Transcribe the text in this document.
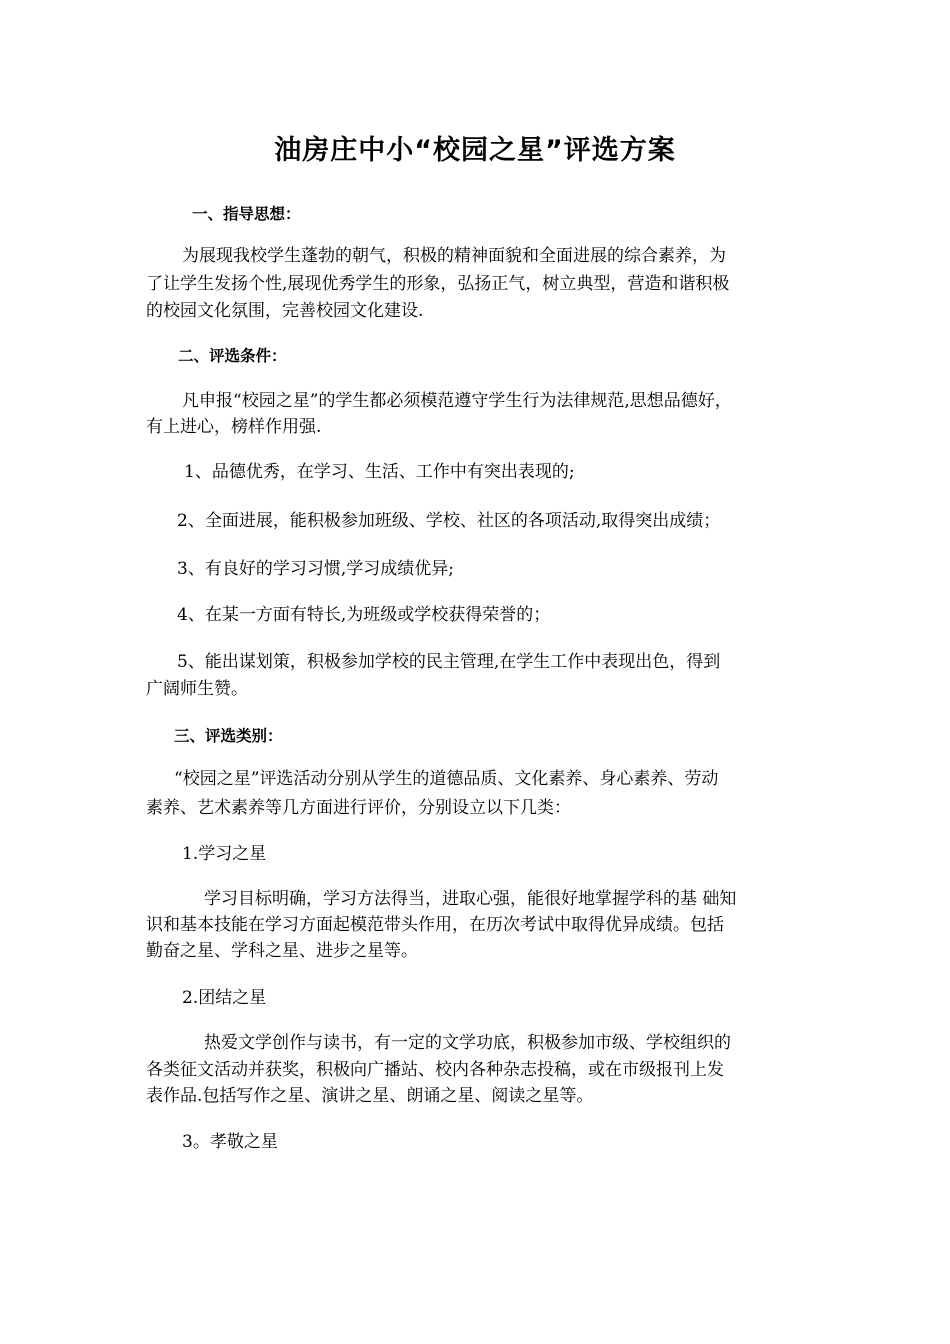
油房庄中小“校园之星”评选方案
一、指导思想：
为展现我校学生蓬勃的朝气，积极的精神面貌和全面进展的综合素养，为
了让学生发扬个性,展现优秀学生的形象，弘扬正气，树立典型，营造和谐积极
的校园文化氛围，完善校园文化建设.
二、评选条件：
凡申报“校园之星”的学生都必须模范遵守学生行为法律规范,思想品德好，
有上进心，榜样作用强.
1、品德优秀，在学习、生活、工作中有突出表现的;
2、全面进展，能积极参加班级、学校、社区的各项活动,取得突出成绩；
3、有良好的学习习惯,学习成绩优异;
4、在某一方面有特长,为班级或学校获得荣誉的；
5、能出谋划策，积极参加学校的民主管理,在学生工作中表现出色，得到
广阔师生赞。
三、评选类别：
“校园之星”评选活动分别从学生的道德品质、文化素养、身心素养、劳动
素养、艺术素养等几方面进行评价，分别设立以下几类：
1.学习之星
学习目标明确，学习方法得当，进取心强，能很好地掌握学科的基 础知
识和基本技能在学习方面起模范带头作用，在历次考试中取得优异成绩。包括
勤奋之星、学科之星、进步之星等。
2.团结之星
热爱文学创作与读书，有一定的文学功底，积极参加市级、学校组织的
各类征文活动并获奖，积极向广播站、校内各种杂志投稿，或在市级报刊上发
表作品.包括写作之星、演讲之星、朗诵之星、阅读之星等。
3。孝敬之星
